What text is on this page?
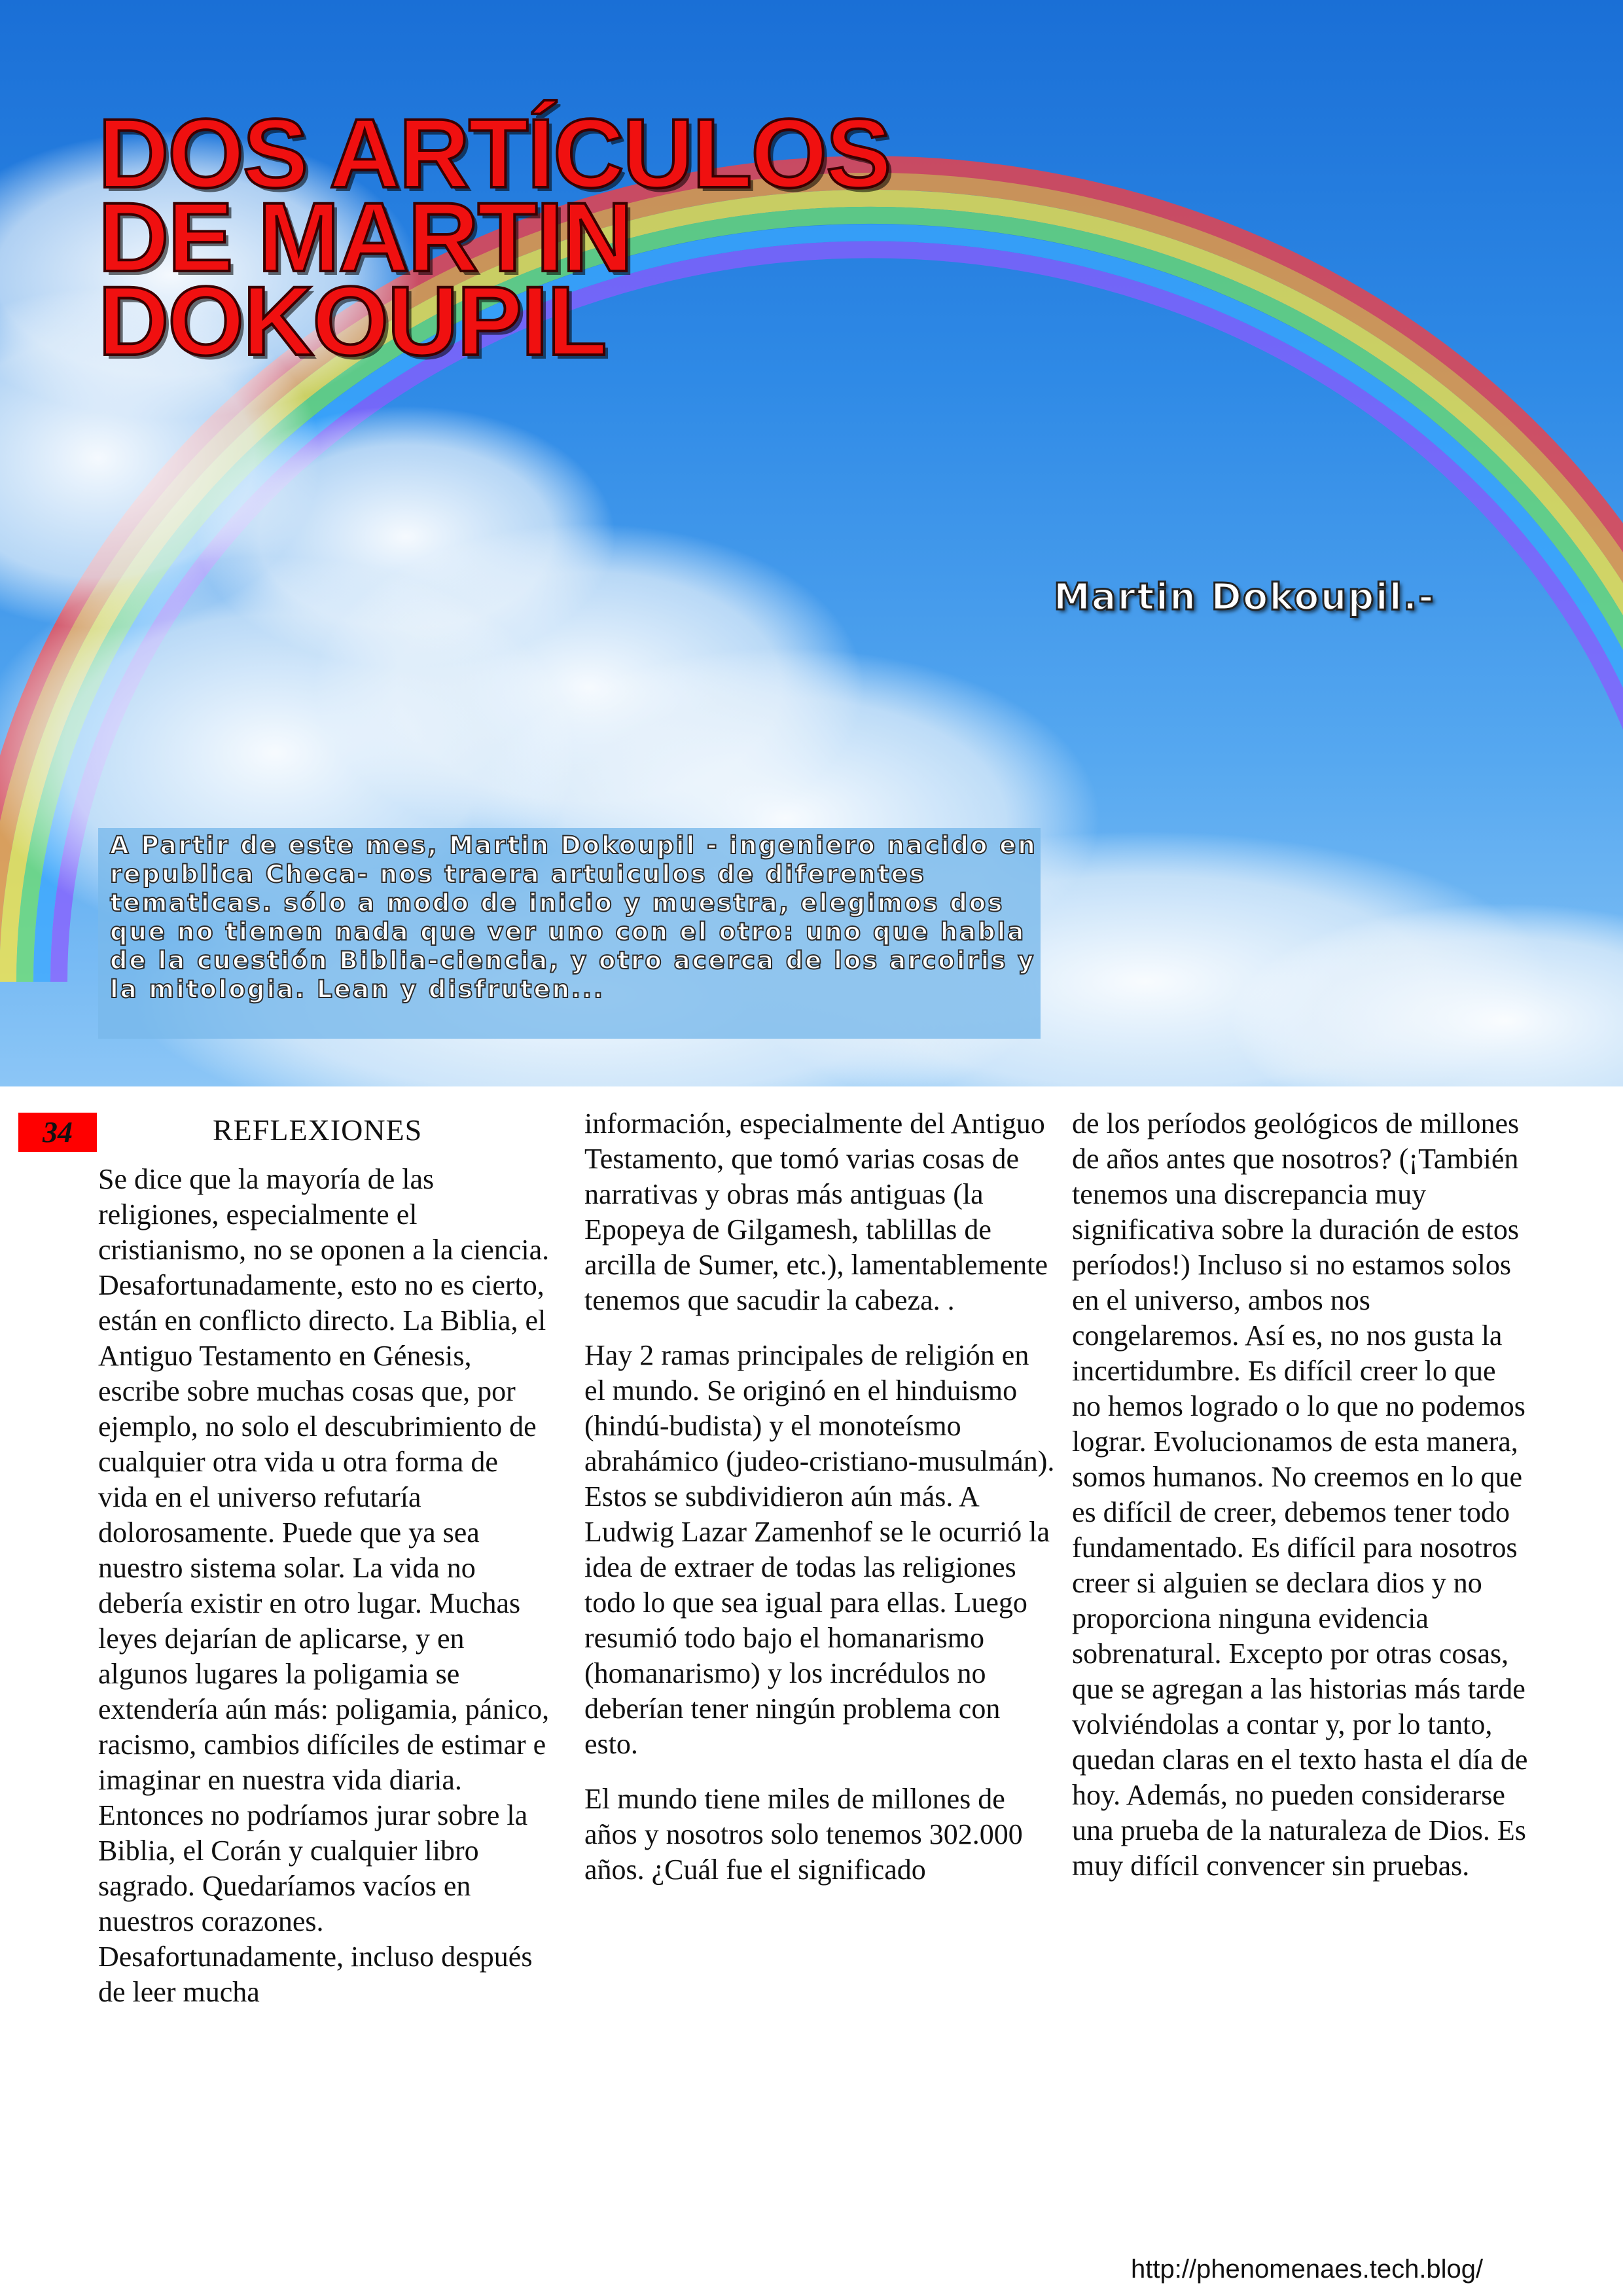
DOS ARTÍCULOS
DE MARTIN
DOKOUPIL
Martin Dokoupil.-
A Partir de este mes, Martin Dokoupil - ingeniero nacido en republica Checa- nos traera artuiculos de diferentes tematicas. sólo a modo de inicio y muestra, elegimos dos que no tienen nada que ver uno con el otro: uno que habla de la cuestión Biblia-ciencia, y otro acerca de los arcoiris y la mitologia. Lean y disfruten...
34	REFLEXIONES

Se dice que la mayoría de las religiones, especialmente el cristianismo, no se oponen a la ciencia. Desafortunadamente, esto no es cierto, están en conflicto directo. La Biblia, el Antiguo Testamento en Génesis, escribe sobre muchas cosas que, por ejemplo, no solo el descubrimiento de cualquier otra vida u otra forma de vida en el universo refutaría dolorosamente. Puede que ya sea nuestro sistema solar. La vida no debería existir en otro lugar. Muchas leyes dejarían de aplicarse, y en algunos lugares la poligamia se extendería aún más: poligamia, pánico, racismo, cambios difíciles de estimar e imaginar en nuestra vida diaria. Entonces no podríamos jurar sobre la Biblia, el Corán y cualquier libro sagrado. Quedaríamos vacíos en nuestros corazones. Desafortunadamente, incluso después de leer mucha

información, especialmente del Antiguo Testamento, que tomó varias cosas de narrativas y obras más antiguas (la Epopeya de Gilgamesh, tablillas de arcilla de Sumer, etc.), lamentablemente tenemos que sacudir la cabeza. .

Hay 2 ramas principales de religión en el mundo. Se originó en el hinduismo (hindú-budista) y el monoteísmo abrahámico (judeo-cristiano-musulmán). Estos se subdividieron aún más. A Ludwig Lazar Zamenhof se le ocurrió la idea de extraer de todas las religiones todo lo que sea igual para ellas. Luego resumió todo bajo el homanarismo (homanarismo) y los incrédulos no deberían tener ningún problema con esto.

El mundo tiene miles de millones de años y nosotros solo tenemos 302.000 años. ¿Cuál fue el significado

de los períodos geológicos de millones de años antes que nosotros? (¡También tenemos una discrepancia muy significativa sobre la duración de estos períodos!) Incluso si no estamos solos en el universo, ambos nos congelaremos. Así es, no nos gusta la incertidumbre. Es difícil creer lo que no hemos logrado o lo que no podemos lograr. Evolucionamos de esta manera, somos humanos. No creemos en lo que es difícil de creer, debemos tener todo fundamentado. Es difícil para nosotros creer si alguien se declara dios y no proporciona ninguna evidencia sobrenatural. Excepto por otras cosas, que se agregan a las historias más tarde volviéndolas a contar y, por lo tanto, quedan claras en el texto hasta el día de hoy. Además, no pueden considerarse una prueba de la naturaleza de Dios. Es muy difícil convencer sin pruebas.

http://phenomenaes.tech.blog/
